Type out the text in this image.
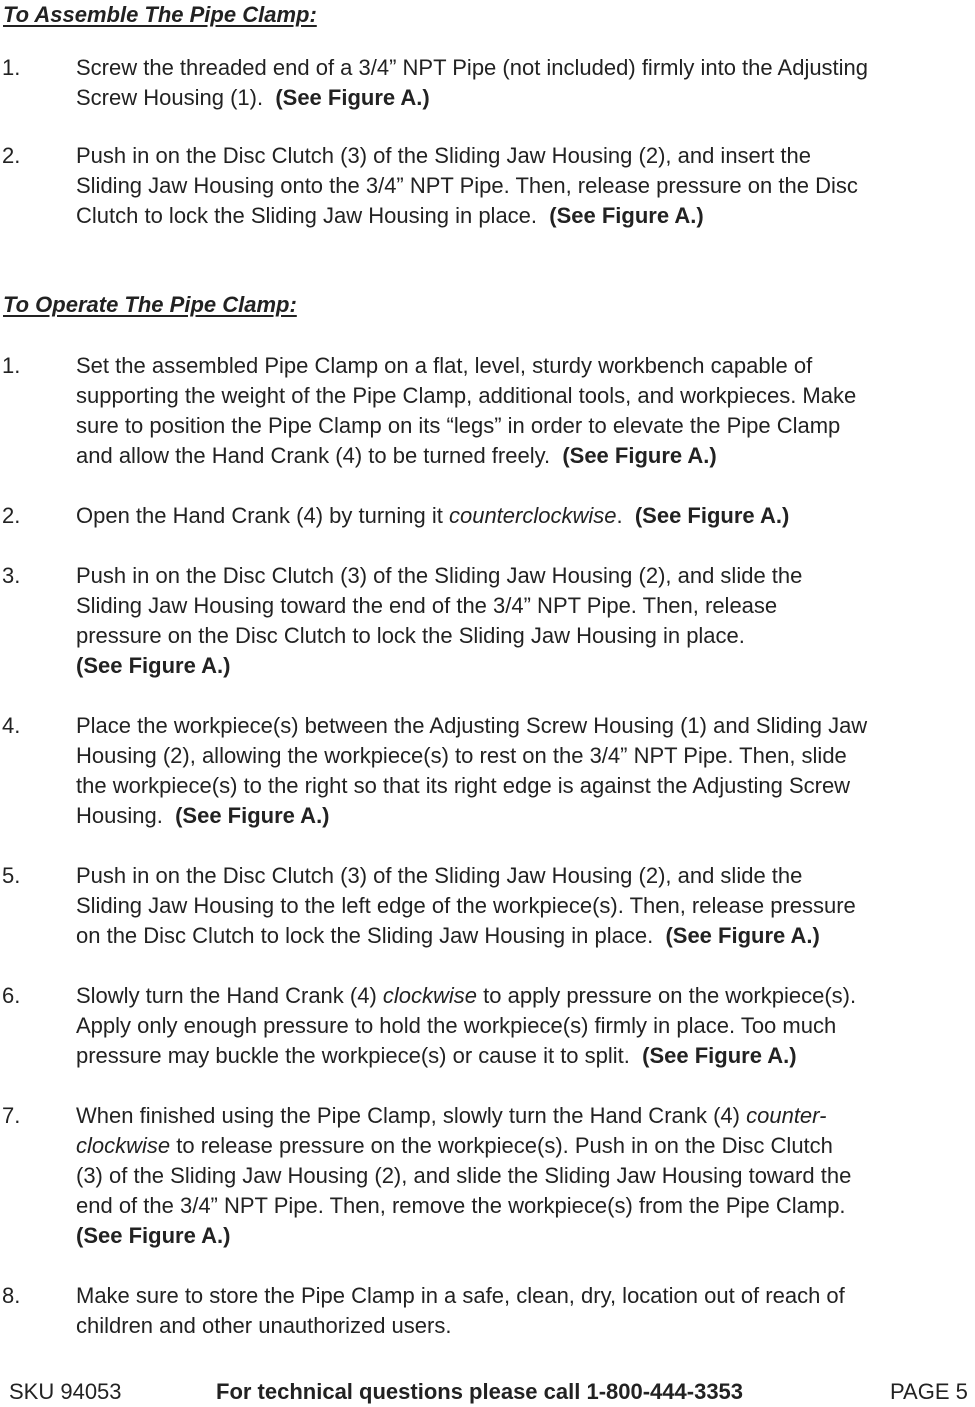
To Assemble The Pipe Clamp:
1.	Screw the threaded end of a 3/4” NPT Pipe (not included) firmly into the Adjusting
Screw Housing (1). (See Figure A.)
2.	Push in on the Disc Clutch (3) of the Sliding Jaw Housing (2), and insert the
Sliding Jaw Housing onto the 3/4” NPT Pipe. Then, release pressure on the Disc
Clutch to lock the Sliding Jaw Housing in place. (See Figure A.)
To Operate The Pipe Clamp:
1.	Set the assembled Pipe Clamp on a flat, level, sturdy workbench capable of
supporting the weight of the Pipe Clamp, additional tools, and workpieces. Make
sure to position the Pipe Clamp on its “legs” in order to elevate the Pipe Clamp
and allow the Hand Crank (4) to be turned freely. (See Figure A.)
2.	Open the Hand Crank (4) by turning it counterclockwise. (See Figure A.)
3.	Push in on the Disc Clutch (3) of the Sliding Jaw Housing (2), and slide the
Sliding Jaw Housing toward the end of the 3/4” NPT Pipe. Then, release
pressure on the Disc Clutch to lock the Sliding Jaw Housing in place.
(See Figure A.)
4.	Place the workpiece(s) between the Adjusting Screw Housing (1) and Sliding Jaw
Housing (2), allowing the workpiece(s) to rest on the 3/4” NPT Pipe. Then, slide
the workpiece(s) to the right so that its right edge is against the Adjusting Screw
Housing. (See Figure A.)
5.	Push in on the Disc Clutch (3) of the Sliding Jaw Housing (2), and slide the
Sliding Jaw Housing to the left edge of the workpiece(s). Then, release pressure
on the Disc Clutch to lock the Sliding Jaw Housing in place. (See Figure A.)
6.	Slowly turn the Hand Crank (4) clockwise to apply pressure on the workpiece(s).
Apply only enough pressure to hold the workpiece(s) firmly in place. Too much
pressure may buckle the workpiece(s) or cause it to split. (See Figure A.)
7.	When finished using the Pipe Clamp, slowly turn the Hand Crank (4) counter-
clockwise to release pressure on the workpiece(s). Push in on the Disc Clutch
(3) of the Sliding Jaw Housing (2), and slide the Sliding Jaw Housing toward the
end of the 3/4” NPT Pipe. Then, remove the workpiece(s) from the Pipe Clamp.
(See Figure A.)
8.	Make sure to store the Pipe Clamp in a safe, clean, dry, location out of reach of
children and other unauthorized users.
SKU 94053	For technical questions please call 1-800-444-3353	PAGE 5
